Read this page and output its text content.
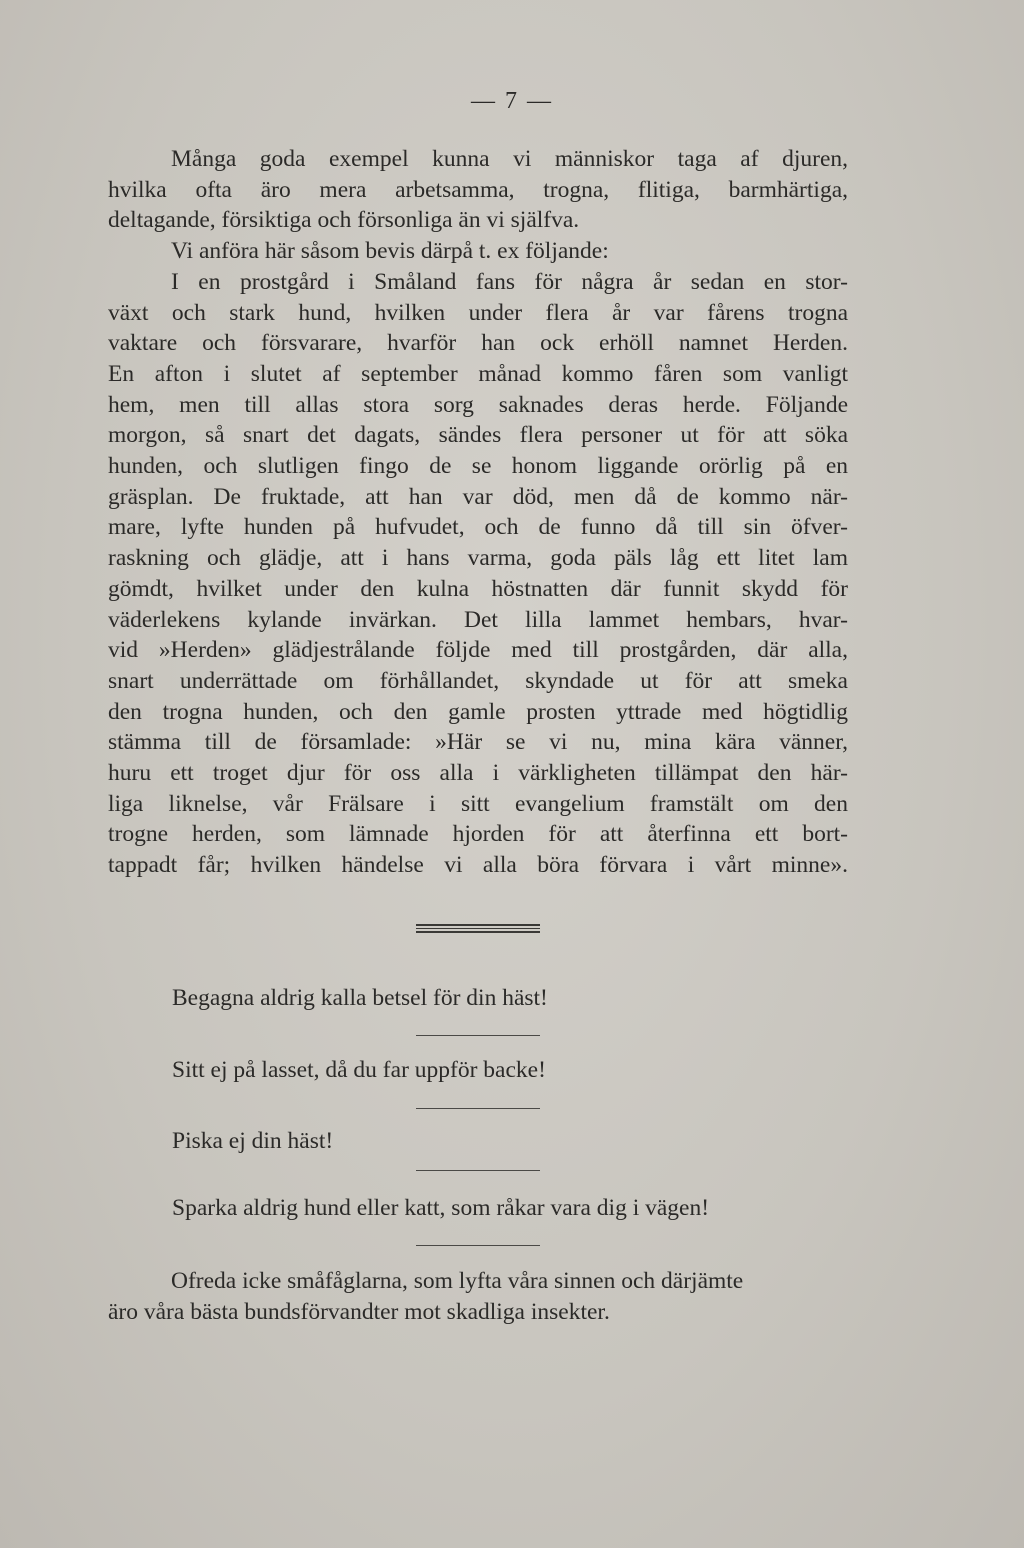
— 7 —
Många goda exempel kunna vi människor taga af djuren,
hvilka ofta äro mera arbetsamma, trogna, flitiga, barmhärtiga,
deltagande, försiktiga och försonliga än vi själfva.
Vi anföra här såsom bevis därpå t. ex följande:
I en prostgård i Småland fans för några år sedan en stor-
växt och stark hund, hvilken under flera år var fårens trogna
vaktare och försvarare, hvarför han ock erhöll namnet Herden.
En afton i slutet af september månad kommo fåren som vanligt
hem, men till allas stora sorg saknades deras herde. Följande
morgon, så snart det dagats, sändes flera personer ut för att söka
hunden, och slutligen fingo de se honom liggande orörlig på en
gräsplan. De fruktade, att han var död, men då de kommo när-
mare, lyfte hunden på hufvudet, och de funno då till sin öfver-
raskning och glädje, att i hans varma, goda päls låg ett litet lam
gömdt, hvilket under den kulna höstnatten där funnit skydd för
väderlekens kylande invärkan. Det lilla lammet hembars, hvar-
vid »Herden» glädjestrålande följde med till prostgården, där alla,
snart underrättade om förhållandet, skyndade ut för att smeka
den trogna hunden, och den gamle prosten yttrade med högtidlig
stämma till de församlade: »Här se vi nu, mina kära vänner,
huru ett troget djur för oss alla i värkligheten tillämpat den här-
liga liknelse, vår Frälsare i sitt evangelium framstält om den
trogne herden, som lämnade hjorden för att återfinna ett bort-
tappadt får; hvilken händelse vi alla böra förvara i vårt minne».
Begagna aldrig kalla betsel för din häst!
Sitt ej på lasset, då du far uppför backe!
Piska ej din häst!
Sparka aldrig hund eller katt, som råkar vara dig i vägen!
Ofreda icke småfåglarna, som lyfta våra sinnen och därjämte
äro våra bästa bundsförvandter mot skadliga insekter.
